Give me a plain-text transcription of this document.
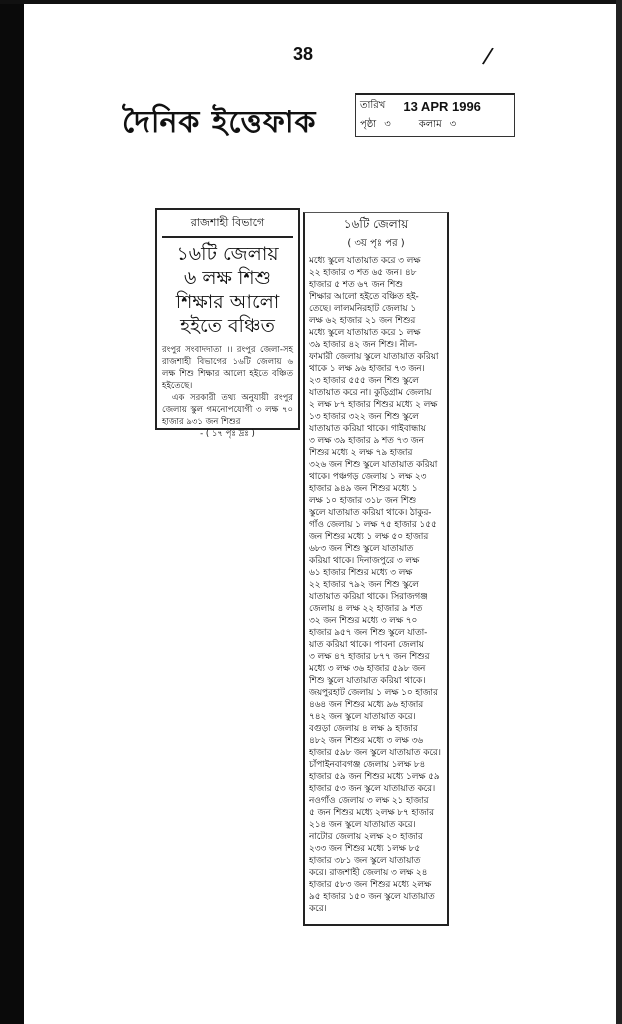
38	/
দৈনিক ইত্তেফাক	তারিখ 13 APR 1996
পৃষ্ঠা ৩	কলাম ৩
রাজশাহী বিভাগে
১৬টি জেলায়
৬ লক্ষ শিশু
শিক্ষার আলো
হইতে বঞ্চিত

রংপুর সংবাদদাতা ।। রংপুর জেলা-সহ রাজশাহী বিভাগের ১৬টি জেলায় ৬ লক্ষ শিশু শিক্ষার আলো হইতে বঞ্চিত হইতেছে।

এক সরকারী তথ্য অনুযায়ী রংপুর জেলায় স্কুল গমনোপযোগী ৩ লক্ষ ৭০ হাজার ৯৩১ জন শিশুর

- ( ১৭ পৃঃ দ্রঃ )

১৬টি জেলায়
( ৩য় পৃঃ পর )
মধ্যে স্কুলে যাতায়াত করে ৩ লক্ষ
২২ হাজার ৩ শত ৬৫ জন। ৪৮
হাজার ৫ শত ৬৭ জন শিশু
শিক্ষার আলো হইতে বঞ্চিত হই-
তেছে। লালমনিরহাট জেলায় ১
লক্ষ ৬২ হাজার ২১ জন শিশুর
মধ্যে স্কুলে যাতায়াত করে ১ লক্ষ
৩৯ হাজার ৪২ জন শিশু। নীল-
ফামারী জেলায় স্কুলে যাতায়াত করিয়া
থাকে ১ লক্ষ ৯৬ হাজার ৭৩ জন।
২৩ হাজার ৫৫৫ জন শিশু স্কুলে
যাতায়াত করে না। কুড়িগ্রাম জেলায়
২ লক্ষ ৮৭ হাজার শিশুর মধ্যে ২ লক্ষ
১৩ হাজার ৩২২ জন শিশু স্কুলে
যাতায়াত করিয়া থাকে। গাইবান্ধায়
৩ লক্ষ ৩৯ হাজার ৯ শত ৭৩ জন
শিশুর মধ্যে ২ লক্ষ ৭৯ হাজার
৩২৬ জন শিশু স্কুলে যাতায়াত করিয়া
থাকে। পঞ্চগড় জেলায় ১ লক্ষ ২৩
হাজার ৯৪৯ জন শিশুর মধ্যে ১
লক্ষ ১০ হাজার ৩১৮ জন শিশু
স্কুলে যাতায়াত করিয়া থাকে। ঠাকুর-
গাঁও জেলায় ১ লক্ষ ৭৫ হাজার ১৫৫
জন শিশুর মধ্যে ১ লক্ষ ৫০ হাজার
৬৮৩ জন শিশু স্কুলে যাতায়াত
করিয়া থাকে। দিনাজপুরে ৩ লক্ষ
৬১ হাজার শিশুর মধ্যে ৩ লক্ষ
২২ হাজার ৭৯২ জন শিশু স্কুলে
যাতায়াত করিয়া থাকে। সিরাজগঞ্জ
জেলায় ৪ লক্ষ ২২ হাজার ৯ শত
৩২ জন শিশুর মধ্যে ৩ লক্ষ ৭০
হাজার ৯৫৭ জন শিশু স্কুলে যাতা-
য়াত করিয়া থাকে। পাবনা জেলায়
৩ লক্ষ ৪৭ হাজার ৮৭৭ জন শিশুর
মধ্যে ৩ লক্ষ ৩৬ হাজার ৫৯৮ জন
শিশু স্কুলে যাতায়াত করিয়া থাকে।
জয়পুরহাট জেলায় ১ লক্ষ ১০ হাজার
৪৬৪ জন শিশুর মধ্যে ৯৬ হাজার
৭৪২ জন স্কুলে যাতায়াত করে।
বগুড়া জেলায় ৪ লক্ষ ৯ হাজার
৪৮২ জন শিশুর মধ্যে ৩ লক্ষ ৩৬
হাজার ৫৯৮ জন স্কুলে যাতায়াত করে।
চাঁপাইনবাবগঞ্জ জেলায় ১লক্ষ ৮৪
হাজার ৫৯ জন শিশুর মধ্যে ১লক্ষ ৫৯
হাজার ৫৩ জন স্কুলে যাতায়াত করে।
নওগাঁও জেলায় ৩ লক্ষ ২১ হাজার
৫ জন শিশুর মধ্যে ২লক্ষ ৮৭ হাজার
২১৪ জন স্কুলে যাতায়াত করে।
নাটোর জেলায় ২লক্ষ ২০ হাজার
২৩৩ জন শিশুর মধ্যে ১লক্ষ ৮৫
হাজার ৩৮১ জন স্কুলে যাতায়াত
করে। রাজশাহী জেলায় ৩ লক্ষ ২৪
হাজার ৫৮৩ জন শিশুর মধ্যে ২লক্ষ
৯৫ হাজার ১৫০ জন স্কুলে যাতায়াত
করে।
